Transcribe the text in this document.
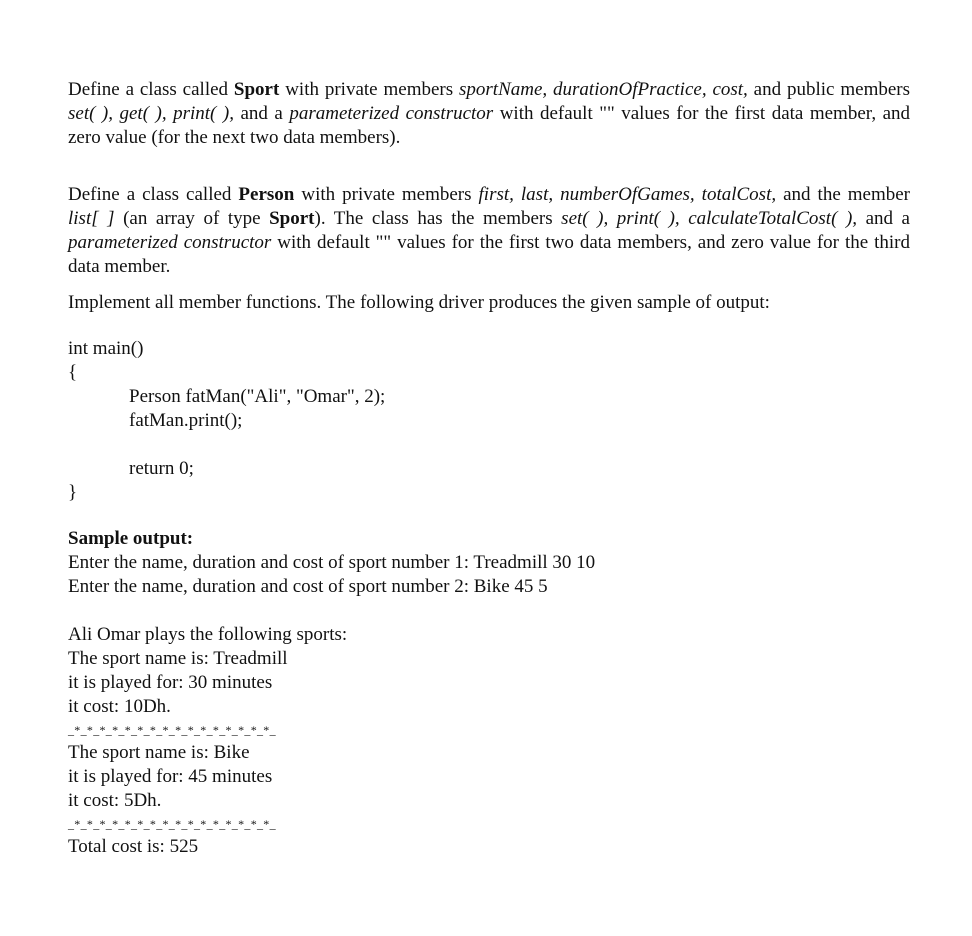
Define a class called Sport with private members sportName, durationOfPractice, cost, and public members set( ), get( ), print( ), and a parameterized constructor with default "" values for the first data member, and zero value (for the next two data members).

Define a class called Person with private members first, last, numberOfGames, totalCost, and the member list[ ] (an array of type Sport). The class has the members set( ), print( ), calculateTotalCost( ), and a parameterized constructor with default "" values for the first two data members, and zero value for the third data member.

Implement all member functions. The following driver produces the given sample of output:

int main()
{
Person fatMan("Ali", "Omar", 2);
fatMan.print();
return 0;
}
Sample output:
Enter the name, duration and cost of sport number 1: Treadmill 30 10
Enter the name, duration and cost of sport number 2: Bike 45 5
Ali Omar plays the following sports:
The sport name is: Treadmill
it is played for: 30 minutes
it cost: 10Dh.
_*_*_*_*_*_*_*_*_*_*_*_*_*_*_*_*_
The sport name is: Bike
it is played for: 45 minutes
it cost: 5Dh.
_*_*_*_*_*_*_*_*_*_*_*_*_*_*_*_*_
Total cost is: 525
